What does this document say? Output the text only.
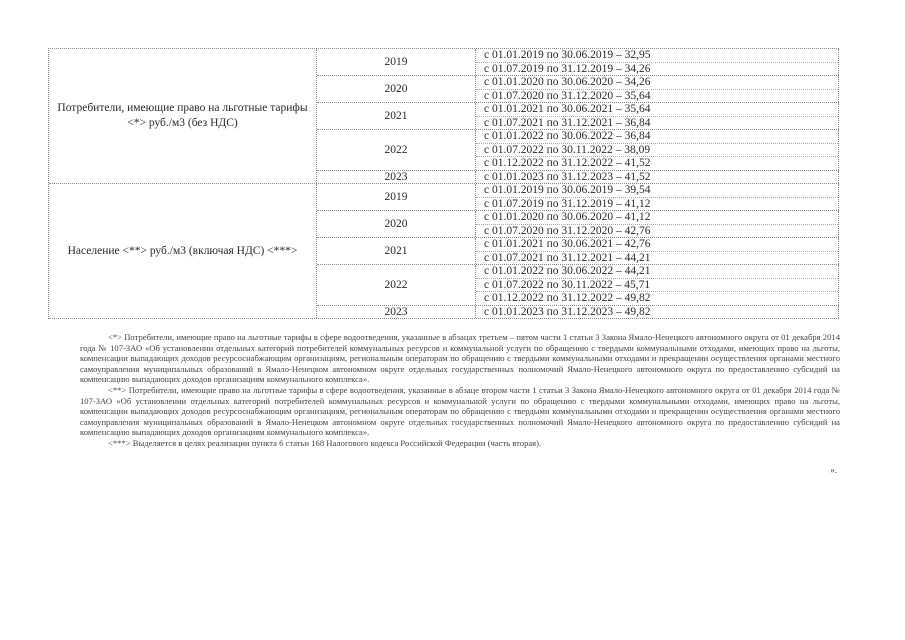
Потребители, имеющие право на льготные тарифы <*> руб./м3 (без НДС)
2019
с 01.01.2019 по 30.06.2019 – 32,95
с 01.07.2019 по 31.12.2019 – 34,26
2020
с 01.01.2020 по 30.06.2020 – 34,26
с 01.07.2020 по 31.12.2020 – 35,64
2021
с 01.01.2021 по 30.06.2021 – 35,64
с 01.07.2021 по 31.12.2021 – 36,84
2022
с 01.01.2022 по 30.06.2022 – 36,84
с 01.07.2022 по 30.11.2022 – 38,09
с 01.12.2022 по 31.12.2022 – 41,52
2023	с 01.01.2023 по 31.12.2023 – 41,52
Население <**> руб./м3 (включая НДС) <***>
2019
с 01.01.2019 по 30.06.2019 – 39,54
с 01.07.2019 по 31.12.2019 – 41,12
2020
с 01.01.2020 по 30.06.2020 – 41,12
с 01.07.2020 по 31.12.2020 – 42,76
2021
с 01.01.2021 по 30.06.2021 – 42,76
с 01.07.2021 по 31.12.2021 – 44,21
2022
с 01.01.2022 по 30.06.2022 – 44,21
с 01.07.2022 по 30.11.2022 – 45,71
с 01.12.2022 по 31.12.2022 – 49,82
2023	с 01.01.2023 по 31.12.2023 – 49,82

<*> Потребители, имеющие право на льготные тарифы в сфере водоотведения, указанные в абзацах третьем – пятом части 1 статьи 3 Закона Ямало-Ненецкого автономного округа от 01 декабря 2014 года № 107-ЗАО «Об установлении отдельных категорий потребителей коммунальных ресурсов и коммунальной услуги по обращению с твердыми коммунальными отходами, имеющих право на льготы, компенсации выпадающих доходов ресурсоснабжающим организациям, региональным операторам по обращению с твердыми коммунальными отходами и прекращении осуществления органами местного самоуправления муниципальных образований в Ямало-Ненецком автономном округе отдельных государственных полномочий Ямало-Ненецкого автономного округа по предоставлению субсидий на компенсацию выпадающих доходов организациям коммунального комплекса».

<**> Потребители, имеющие право на льготные тарифы в сфере водоотведения, указанные в абзаце втором части 1 статьи 3 Закона Ямало-Ненецкого автономного округа от 01 декабря 2014 года № 107-ЗАО «Об установлении отдельных категорий потребителей коммунальных ресурсов и коммунальной услуги по обращению с твердыми коммунальными отходами, имеющих право на льготы, компенсации выпадающих доходов ресурсоснабжающим организациям, региональным операторам по обращению с твердыми коммунальными отходами и прекращении осуществления органами местного самоуправления муниципальных образований в Ямало-Ненецком автономном округе отдельных государственных полномочий Ямало-Ненецкого автономного округа по предоставлению субсидий на компенсацию выпадающих доходов организациям коммунального комплекса».

<***> Выделяется в целях реализации пункта 6 статьи 168 Налогового кодекса Российской Федерации (часть вторая).

».
